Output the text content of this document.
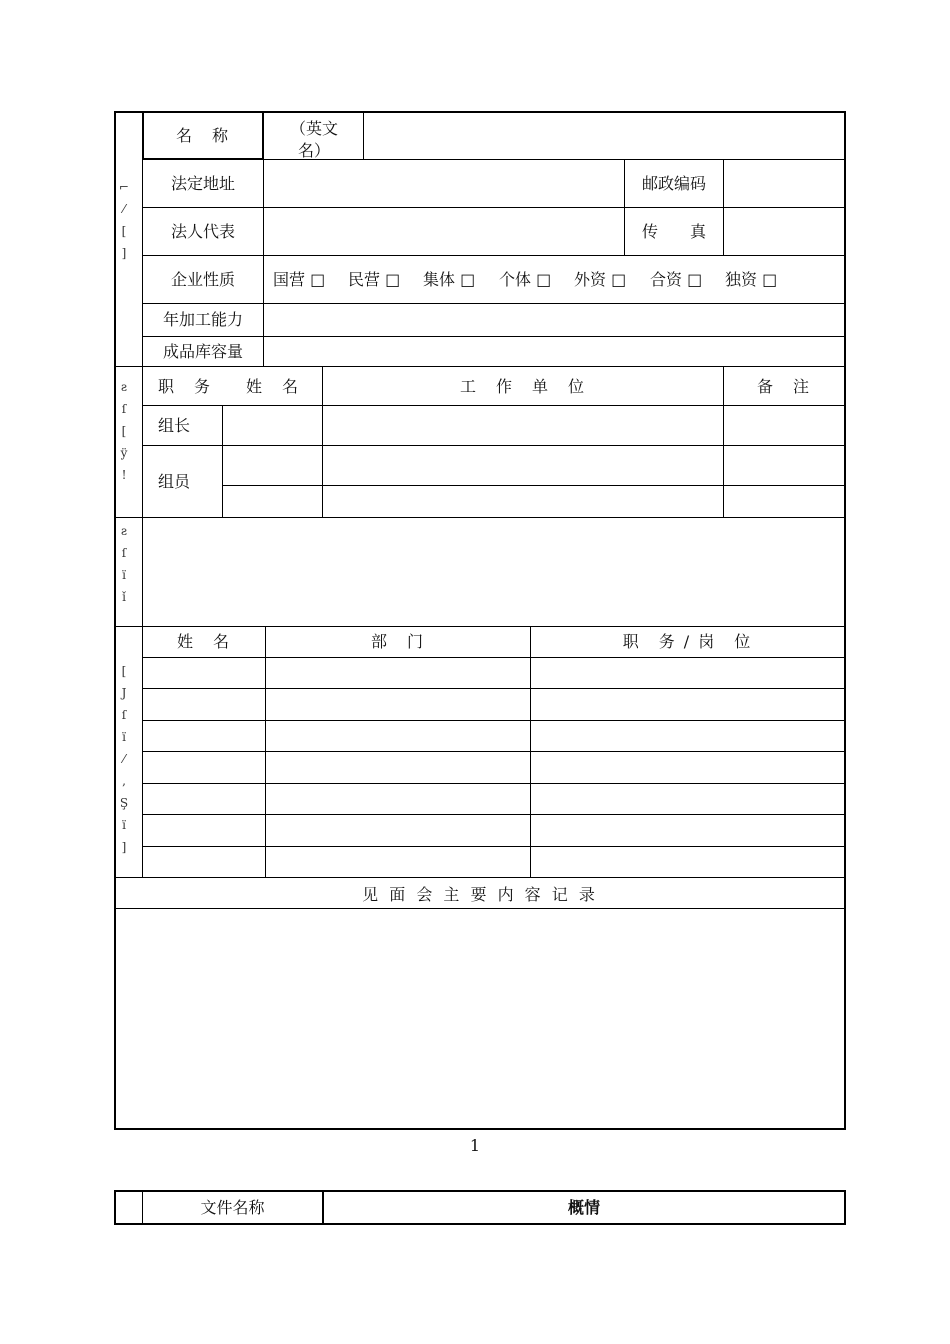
⌐
⁄
[
]
ƨ
ſ
[
ÿ
!
ƨ
ſ
ï
ǐ
[
J
ſ
ï
⁄
,
Ş
ï
]
名　称	（英文名）
法定地址	邮政编码
法人代表	传　　真
企业性质	国营 □ 民营 □ 集体 □ 个体 □ 外资 □ 合资 □ 独资 □
年加工能力
成品库容量
职　务	姓　名	工　作　单　位	备　注
组长
组员
姓　名	部　门	职　务 / 岗　位
见 面 会 主 要 内 容 记 录
1
文件名称	概情
